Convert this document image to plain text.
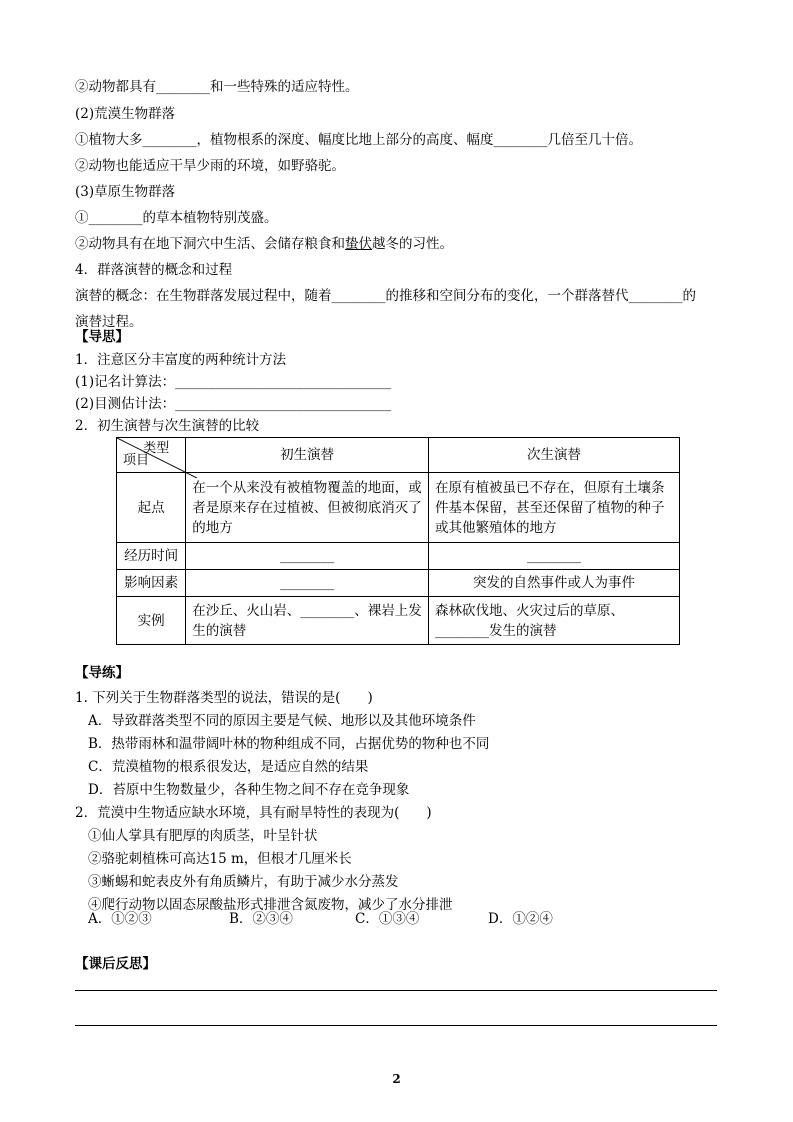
②动物都具有________和一些特殊的适应特性。
(2)荒漠生物群落
①植物大多________，植物根系的深度、幅度比地上部分的高度、幅度________几倍至几十倍。
②动物也能适应干旱少雨的环境，如野骆驼。
(3)草原生物群落
①________的草本植物特别茂盛。
②动物具有在地下洞穴中生活、会储存粮食和蛰伏越冬的习性。
4．群落演替的概念和过程
演替的概念：在生物群落发展过程中，随着________的推移和空间分布的变化，一个群落替代________的
演替过程。
【导思】
1．注意区分丰富度的两种统计方法
(1)记名计算法：________________________________
(2)目测估计法：________________________________
2．初生演替与次生演替的比较
类型
项目	初生演替	次生演替
起点	在一个从来没有被植物覆盖的地面，或者是原来存在过植被、但被彻底消灭了的地方	在原有植被虽已不存在，但原有土壤条件基本保留，甚至还保留了植物的种子或其他繁殖体的地方
经历时间	________	________
影响因素	________	突发的自然事件或人为事件
实例	在沙丘、火山岩、________、裸岩上发生的演替	森林砍伐地、火灾过后的草原、________发生的演替
【导练】
1. 下列关于生物群落类型的说法，错误的是(　　)
A．导致群落类型不同的原因主要是气候、地形以及其他环境条件
B．热带雨林和温带阔叶林的物种组成不同，占据优势的物种也不同
C．荒漠植物的根系很发达，是适应自然的结果
D．苔原中生物数量少，各种生物之间不存在竞争现象
2．荒漠中生物适应缺水环境，具有耐旱特性的表现为(　　)
①仙人掌具有肥厚的肉质茎，叶呈针状
②骆驼刺植株可高达15 m，但根才几厘米长
③蜥蜴和蛇表皮外有角质鳞片，有助于减少水分蒸发
④爬行动物以固态尿酸盐形式排泄含氮废物，减少了水分排泄
A．①②③	B．②③④	C．①③④	D．①②④
【课后反思】
2
